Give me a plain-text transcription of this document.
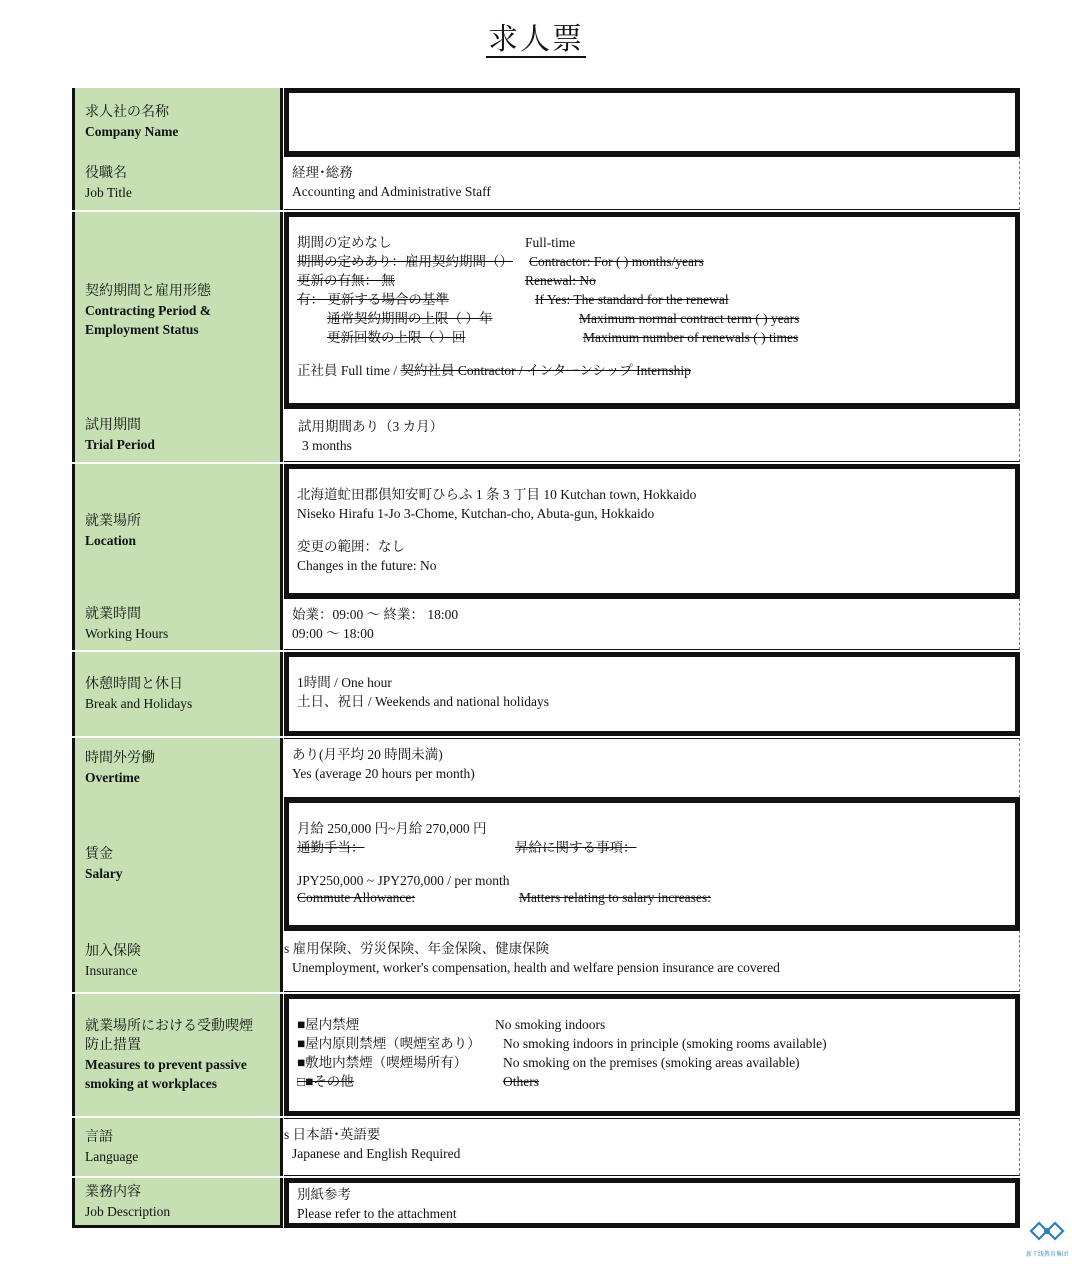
求人票
求人社の名称
Company Name
役職名
Job Title
経理･総務
Accounting and Administrative Staff
契約期間と雇用形態
Contracting Period &
Employment Status
期間の定めなし	Full-time
期間の定めあり：雇用契約期間（） Contractor: For ( ) months/years
更新の有無： 無	Renewal: No
有： 更新する場合の基準	If Yes: The standard for the renewal
通常契約期間の上限（ ）年	Maximum normal contract term ( ) years
更新回数の上限（ ）回	Maximum number of renewals ( ) times
正社員 Full time / 契約社員 Contractor / インターンシップ Internship
試用期間
Trial Period
試用期間あり（3 カ月）
3 months
就業場所
Location
北海道虻田郡倶知安町ひらふ 1 条 3 丁目 10 Kutchan town, Hokkaido
Niseko Hirafu 1-Jo 3-Chome, Kutchan-cho, Abuta-gun, Hokkaido
変更の範囲：なし
Changes in the future: No
就業時間
Working Hours
始業：09:00 ～ 終業： 18:00
09:00 ～ 18:00
休憩時間と休日
Break and Holidays
1時間 / One hour
土日、祝日 / Weekends and national holidays
時間外労働
Overtime
あり(月平均 20 時間未満)
Yes (average 20 hours per month)
賃金
Salary
月給 250,000 円~月給 270,000 円
通勤手当：	昇給に関する事項：
JPY250,000 ~ JPY270,000 / per month
Commute Allowance:	Matters relating to salary increases:
加入保険
Insurance
s 雇用保険、労災保険、年金保険、健康保険
Unemployment, worker's compensation, health and welfare pension insurance are covered
就業場所における受動喫煙
防止措置
Measures to prevent passive
smoking at workplaces
■屋内禁煙	No smoking indoors
■屋内原則禁煙（喫煙室あり） No smoking indoors in principle (smoking rooms available)
■敷地内禁煙（喫煙場所有）	No smoking on the premises (smoking areas available)
□■その他	Others
言語
Language
s 日本語･英語要
Japanese and English Required
業務内容
Job Description
別紙参考
Please refer to the attachment
新干线教育集团
